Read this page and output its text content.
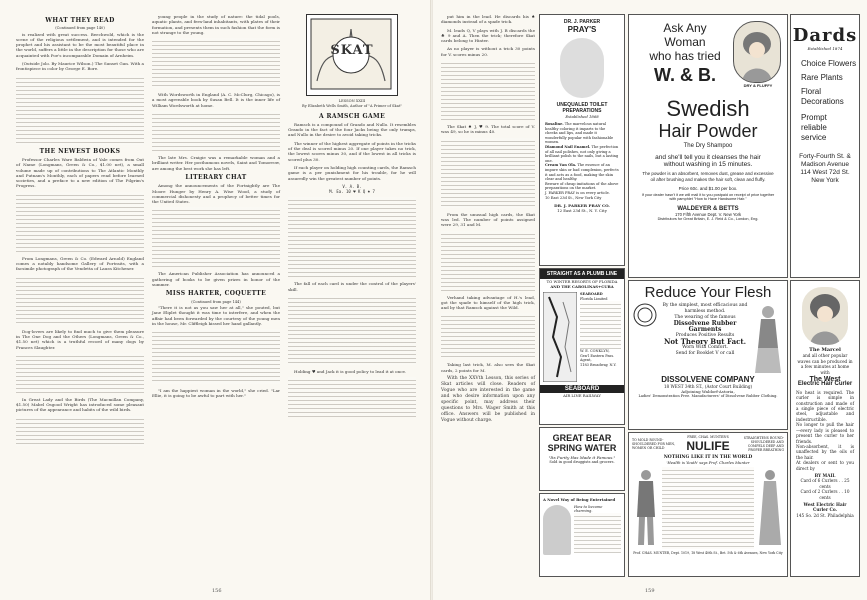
WHAT THEY READ
(Continued from page 140)

is realized with great success. Beechwold, which is the scene of the religious settlement, and is intended for the prophet and his assistant to be the most beautiful place in the world, suffers a little in the description for those who are acquainted with Poe's incomparable Domain of Arnheim.

(Outside Jolo. By Maurice Wilson.) The Sunset Gun. With a frontispiece in color by George E. Bore.

THE NEWEST BOOKS

Professor Charles Ware Baldwin of Yale comes from Out of Name (Longmans, Green & Co., $1.00 net), a small volume made up of contributions to The Atlantic Monthly and Putnam's Monthly, each of papers read before learned societies, and a preface to a new edition of The Pilgrim's Progress.

From Longmans, Green & Co. (Edward Arnold) England comes a notably handsome Gallery of Portraits, with a facsimile photograph of the Vendetta of Laura Kitchener.

Dog-lovers are likely to find much to give them pleasure in The One Dog and the Others (Longmans, Green & Co., $1.50 net) which is a truthful record of many dogs by Frances Slaughter.

In Great Lady and the Birds (The Macmillan Company, $1.50) Mabel Osgood Wright has introduced some pleasant pictures of the appearance and habits of the wild birds.

young people in the study of nature: the tidal pools, aquatic plants, and fern-land inhabitants, with plates of their formation, and presents them in such fashion that the form is not strange to the young.

With Wordsworth in England (A. C. McClurg, Chicago), is a most agreeable book by Susan Bell. It is the inner life of William Wordsworth at home.

The late Mrs. Craigie was a remarkable woman and a brilliant writer. Her posthumous novels, Saint and Tomorrow, are among the best work she has left.

LITERARY CHAT

Among the announcements of the Fortnightly are The Moore Hunger by Henry A. Wise Wood, a study of commercial dishonesty and a prophecy of better times for the United States.

The American Publisher Association has announced a gathering of books to be given prizes in honor of the summer.

MISS HARTER, COQUETTE
(Continued from page 144)

"There it is not as you saw her at all," she pouted, but Jane Eliplet thought it was time to interfere, and when the affair had been forwarded by the courtesy of the young men in the house, Mr. Cliffleigh kissed her hand gallantly.

"I am the happiest woman in the world," she cried. "Lar Ellie, it is going to be awful to part with her."

SKAT
LESSON XXIII
By Elizabeth Wells Smith, Author of "A Primer of Skat"
A RAMSCH GAME

Ramsch is a compound of Grando and Nullo. It resembles Grando in the fact of the four Jacks being the only trumps, and Nullo in the desire to avoid taking tricks.

The winner of the highest aggregate of points in the tricks of the deal is scored minus 20. If one player takes no trick, the lowest scores minus 30, and if the lowest in all tricks is scored plus 30.

If each player on holding high counting cards, the Ramsch game is a per punishment for his trouble, for he will assuredly win the greatest number of points.

V. A. B.
M. Ea. 10 ♥ K Q ♠ 7

The fall of each card is under the control of the players' skill.

Holding ♥ and Jack it is good policy to lead it at once.

156

put him in the lead. He discards his ♠ diamonds instead of a spade trick.

M. leads Q, V plays with J. B discards the ♣ 9 and A. Then the trick; therefore Skat cards belong to Hinter.

As no player is without a trick 30 points for V. scores minus 20.

The Skat ♠ J, ♥ 9. The total score of V. was 49, so he is minus 40.

From the unusual high cards, the Skat was led. The number of points assigned were 29, 31 and M.

Verhand taking advantage of H.'s lead, got the spade to himself of the high trick, and by that Ramsch against the Wild.

Taking last trick, M. also sees the Skat cards, 2 points for M.

With the XXVth Lesson, this series of Skat articles will close. Readers of Vogue who are interested in the game and who desire information upon any specific point, may address their questions to Mrs. Wager Smith at this office. Answers will be published in Vogue without charge.

DR. J. PARKER
PRAY'S
UNEQUALED TOILET PREPARATIONS
Established 1868
Rosaline. The marvelous natural healthy coloring it imparts to the cheeks and lips, and made it wonderfully popular with fashionable women.
Diamond Nail Enamel. The perfection of all nail polishes, not only giving a brilliant polish to the nails, but a lasting one.
Cream Van Ola. The essence of an impure skin or bad complexion, perfects it and acts as a food, making the skin clear and healthy.
Beware of cheap imitations of the above preparations on the market.
J. PARKER PRAY is on every article.
10 East 23d St., New York City
DR. J. PARKER PRAY CO.
12 East 23d St., N. Y. City
STRAIGHT AS A PLUMB LINE
TO WINTER RESORTS OF FLORIDA
AND THE CAROLINAS+CUBA
SEABOARD
Florida Limited
W. E. CONKLYN,
Gen'l Eastern Pass. Agent,
1183 Broadway, N.Y.
SEABOARD
AIR LINE RAILWAY
GREAT BEAR
SPRING WATER
"Its Purity Has Made it Famous."
Sold in good druggists and grocers.
A Novel Way of Being Entertained
How to become charming.
Ask Any
Woman
who has tried
W. & B.
DRY & FLUFFY
Swedish
Hair Powder
The Dry Shampoo
and she'll tell you it cleanses the hair
without washing in 15 minutes.
The powder is an absorbent, removes dust, grease and excessive oil after brushing and makes the hair soft, clean and fluffy.
Price 60c. and $1.00 per box.
If your dealer hasn't it we will mail it to you postpaid on receipt of price together with pamphlet "How to Have Handsome Hair."
WALDEYER & BETTS
170 Fifth Avenue Dept. V. New York
Distributors for Great Britain, E. J. Reid & Co., London, Eng.
Dards
Established 1874
Choice Flowers
Rare Plants
Floral Decorations
Prompt
reliable
service
Forty-Fourth St. &
Madison Avenue
114 West 72d St.
New York
Reduce Your Flesh
By the simplest, most efficacious and harmless method.
The wearing of the famous
Dissolvene Rubber Garments
Produces Positive Results
Not Theory But Fact.
Worn With Comfort.
Send for Booklet V or call
DISSOLVENE COMPANY
18 WEST 34th ST., (Astor Court Building)
Adjoining Waldorf-Astoria,
Ladies' Demonstration Free. Manufacturers' of Dissolvene Rubber Clothing.
TO MOLD ROUND-SHOULDERED FOR MEN, WOMEN OR CHILD
FREE, CHAS. MUNTER'S
NULIFE
STRAIGHTENS ROUND-SHOULDERED AND COMPELS DEEP AND PROPER BREATHING
NOTHING LIKE IT IN THE WORLD
'Health is Youth' says Prof. Charles Munter
Prof. CHAS. MUNTER, Dept. 1019, 18 West 40th St., Bet. 5th & 6th Avenues, New York City
The Marcel
and all other popular waves can be produced in a few minutes at home with
The West
Electric Hair Curler
No heat is required. The curler is simple in construction and made of a single piece of electric steel, adjustable and indestructible.
No longer to pull the hair—every lady is pleased to present the curler to her friends.
Non-absorbent, it is unaffected by the oils of the hair.
At dealers or sent to you direct by
BY MAIL
Card of 6 Curlers . . 25 cents
Card of 2 Curlers . . 10 cents
West Electric Hair Curler Co.
145 So. 2d St. Philadelphia
159
